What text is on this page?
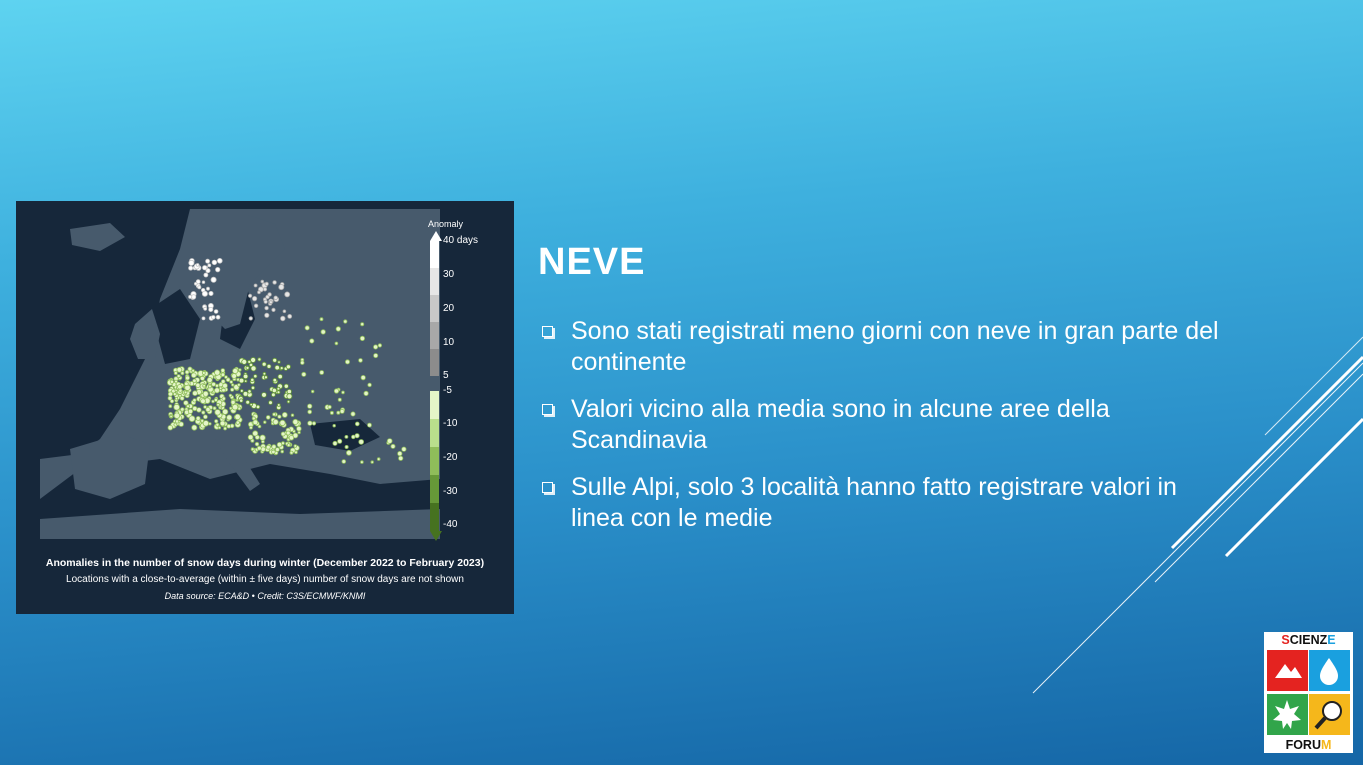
Anomaly
40 days
30
20
10
5
-5
-10
-20
-30
-40
Anomalies in the number of snow days during winter (December 2022 to February 2023)
Locations with a close-to-average (within ± five days) number of snow days are not shown
Data source: ECA&D • Credit: C3S/ECMWF/KNMI
NEVE
Sono stati registrati meno giorni con neve in gran parte del continente
Valori vicino alla media sono in alcune aree della Scandinavia
Sulle Alpi, solo 3 località hanno fatto registrare valori in linea con le medie
SCIENZE
FORUM
